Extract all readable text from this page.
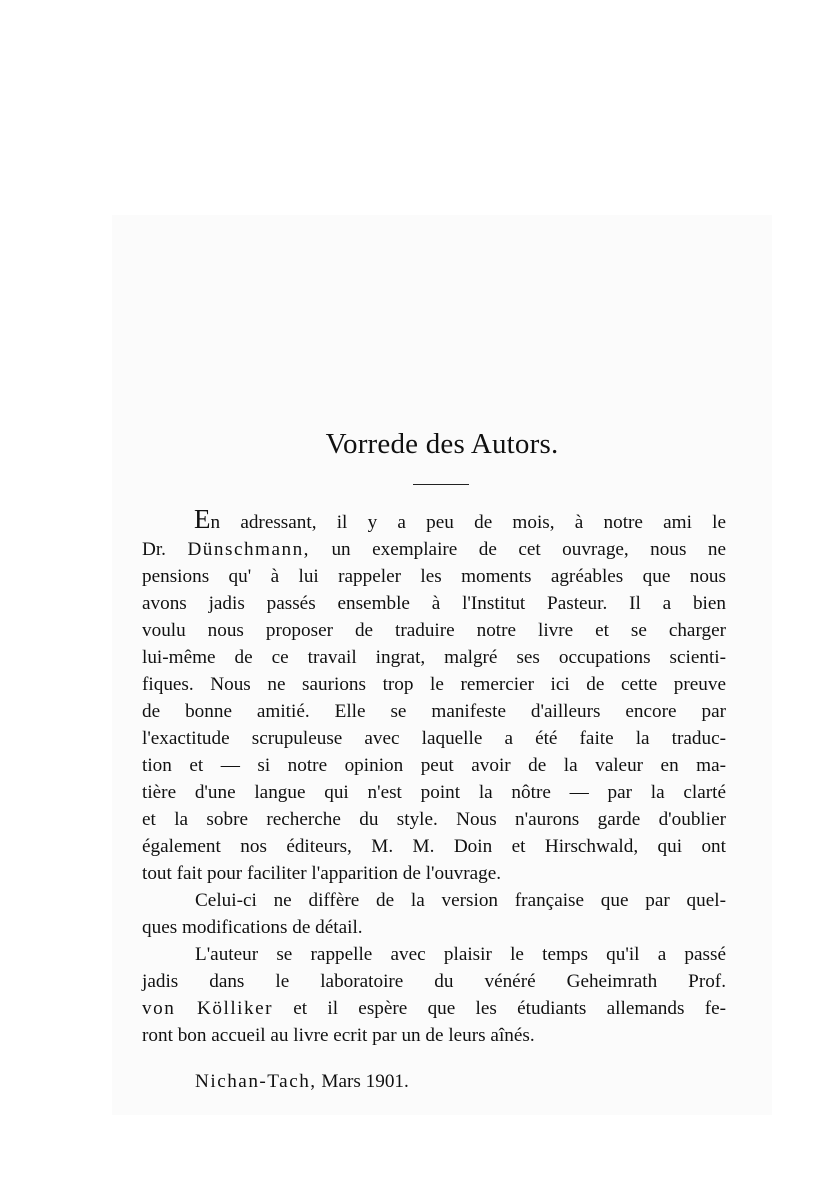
Vorrede des Autors.
En adressant, il y a peu de mois, à notre ami le
Dr. Dünschmann, un exemplaire de cet ouvrage, nous ne
pensions qu' à lui rappeler les moments agréables que nous
avons jadis passés ensemble à l'Institut Pasteur. Il a bien
voulu nous proposer de traduire notre livre et se charger
lui-même de ce travail ingrat, malgré ses occupations scienti-
fiques. Nous ne saurions trop le remercier ici de cette preuve
de bonne amitié. Elle se manifeste d'ailleurs encore par
l'exactitude scrupuleuse avec laquelle a été faite la traduc-
tion et — si notre opinion peut avoir de la valeur en ma-
tière d'une langue qui n'est point la nôtre — par la clarté
et la sobre recherche du style. Nous n'aurons garde d'oublier
également nos éditeurs, M. M. Doin et Hirschwald, qui ont
tout fait pour faciliter l'apparition de l'ouvrage.
Celui-ci ne diffère de la version française que par quel-
ques modifications de détail.
L'auteur se rappelle avec plaisir le temps qu'il a passé
jadis dans le laboratoire du vénéré Geheimrath Prof.
von Kölliker et il espère que les étudiants allemands fe-
ront bon accueil au livre ecrit par un de leurs aînés.
Nichan-Tach, Mars 1901.
